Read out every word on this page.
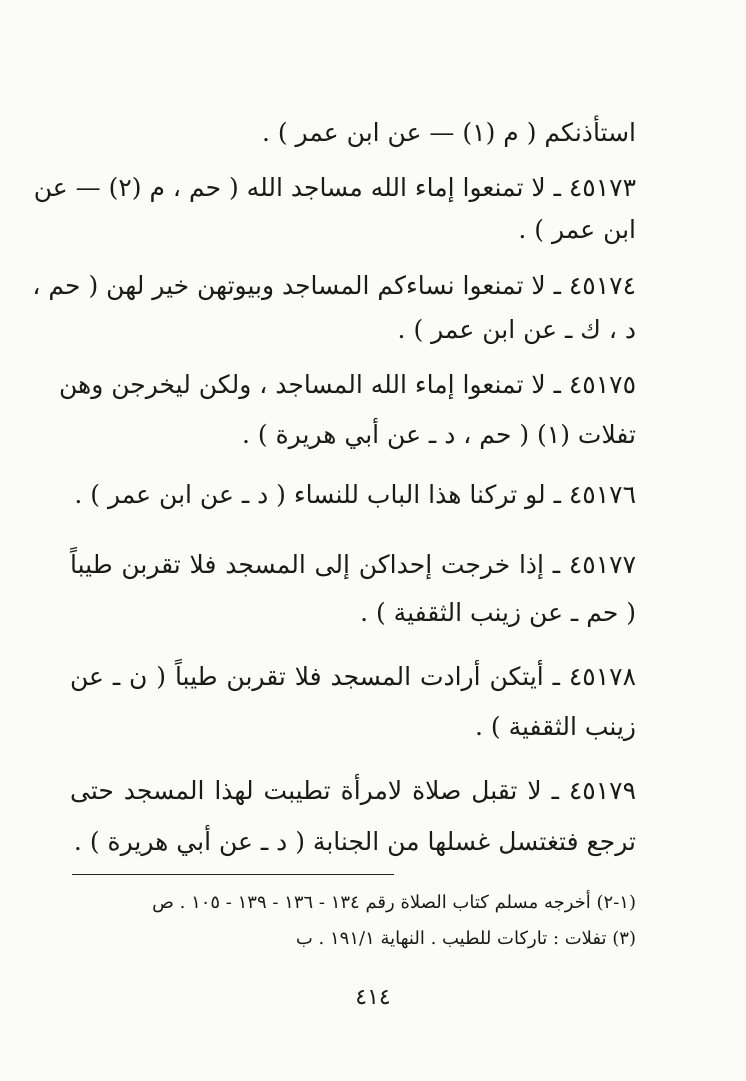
استأذنكم ( م (١) — عن ابن عمر ) .
٤٥١٧٣ ـ لا تمنعوا إماء الله مساجد الله ( حم ، م (٢) — عن
ابن عمر ) .
٤٥١٧٤ ـ لا تمنعوا نساءكم المساجد وبيوتهن خير لهن ( حم ،
د ، ك ـ عن ابن عمر ) .
٤٥١٧٥ ـ لا تمنعوا إماء الله المساجد ، ولكن ليخرجن وهن
تفلات (١) ( حم ، د ـ عن أبي هريرة ) .
٤٥١٧٦ ـ لو تركنا هذا الباب للنساء ( د ـ عن ابن عمر ) .
٤٥١٧٧ ـ إذا خرجت إحداكن إلى المسجد فلا تقربن طيباً
( حم ـ عن زينب الثقفية ) .
٤٥١٧٨ ـ أيتكن أرادت المسجد فلا تقربن طيباً ( ن ـ عن
زينب الثقفية ) .
٤٥١٧٩ ـ لا تقبل صلاة لامرأة تطيبت لهذا المسجد حتى
ترجع فتغتسل غسلها من الجنابة ( د ـ عن أبي هريرة ) .
(١-٢) أخرجه مسلم كتاب الصلاة رقم ١٣٤ - ١٣٦ - ١٣٩ - ١٠٥ . ص
(٣) تفلات : تاركات للطيب . النهاية ١٩١/١ . ب
٤١٤
